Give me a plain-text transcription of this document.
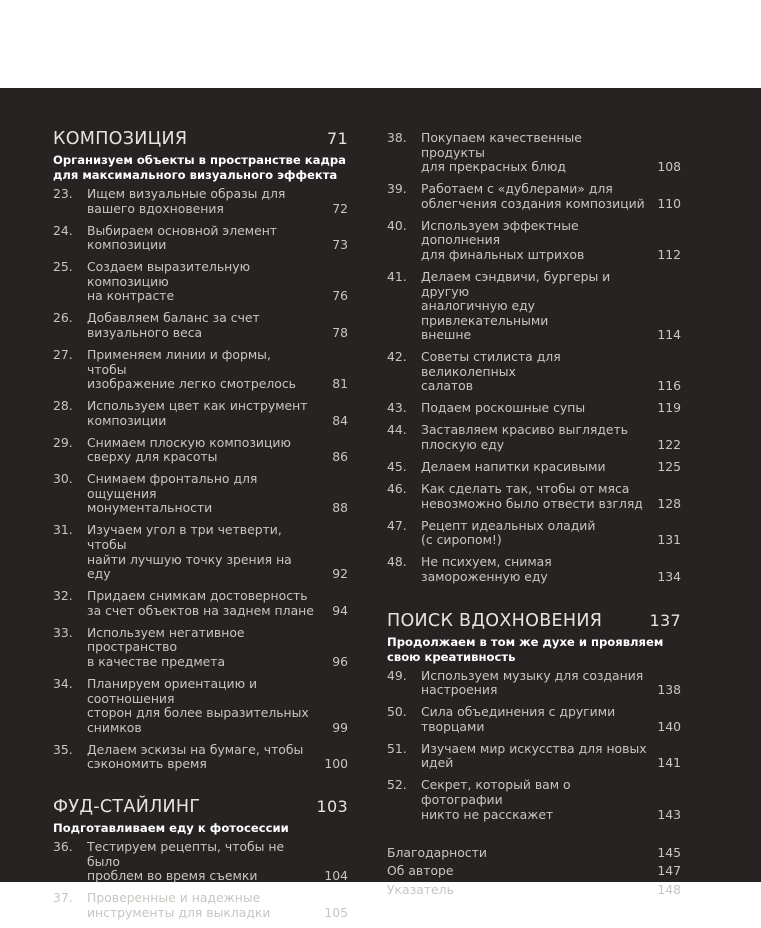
КОМПОЗИЦИЯ	71
Организуем объекты в пространстве кадра для максимального визуального эффекта
23.	Ищем визуальные образы для
вашего вдохновения	72
24.	Выбираем основной элемент
композиции	73
25.	Создаем выразительную композицию
на контрасте	76
26.	Добавляем баланс за счет
визуального веса	78
27.	Применяем линии и формы, чтобы
изображение легко смотрелось	81
28.	Используем цвет как инструмент
композиции	84
29.	Снимаем плоскую композицию
сверху для красоты	86
30.	Снимаем фронтально для ощущения
монументальности	88
31.	Изучаем угол в три четверти, чтобы
найти лучшую точку зрения на еду	92
32.	Придаем снимкам достоверность
за счет объектов на заднем плане	94
33.	Используем негативное пространство
в качестве предмета	96
34.	Планируем ориентацию и соотношения
сторон для более выразительных
снимков	99
35.	Делаем эскизы на бумаге, чтобы
сэкономить время	100
ФУД-СТАЙЛИНГ	103
Подготавливаем еду к фотосессии
36.	Тестируем рецепты, чтобы не было
проблем во время съемки	104
37.	Проверенные и надежные
инструменты для выкладки	105
38.	Покупаем качественные продукты
для прекрасных блюд	108
39.	Работаем с «дублерами» для
облегчения создания композиций	110
40.	Используем эффектные дополнения
для финальных штрихов	112
41.	Делаем сэндвичи, бургеры и другую
аналогичную еду привлекательными
внешне	114
42.	Советы стилиста для великолепных
салатов	116
43.	Подаем роскошные супы	119
44.	Заставляем красиво выглядеть
плоскую еду	122
45.	Делаем напитки красивыми	125
46.	Как сделать так, чтобы от мяса
невозможно было отвести взгляд	128
47.	Рецепт идеальных оладий
(с сиропом!)	131
48.	Не психуем, снимая
замороженную еду	134
ПОИСК ВДОХНОВЕНИЯ	137
Продолжаем в том же духе и проявляем свою креативность
49.	Используем музыку для создания
настроения	138
50.	Сила объединения с другими
творцами	140
51.	Изучаем мир искусства для новых
идей	141
52.	Секрет, который вам о фотографии
никто не расскажет	143
Благодарности	145
Об авторе	147
Указатель	148
